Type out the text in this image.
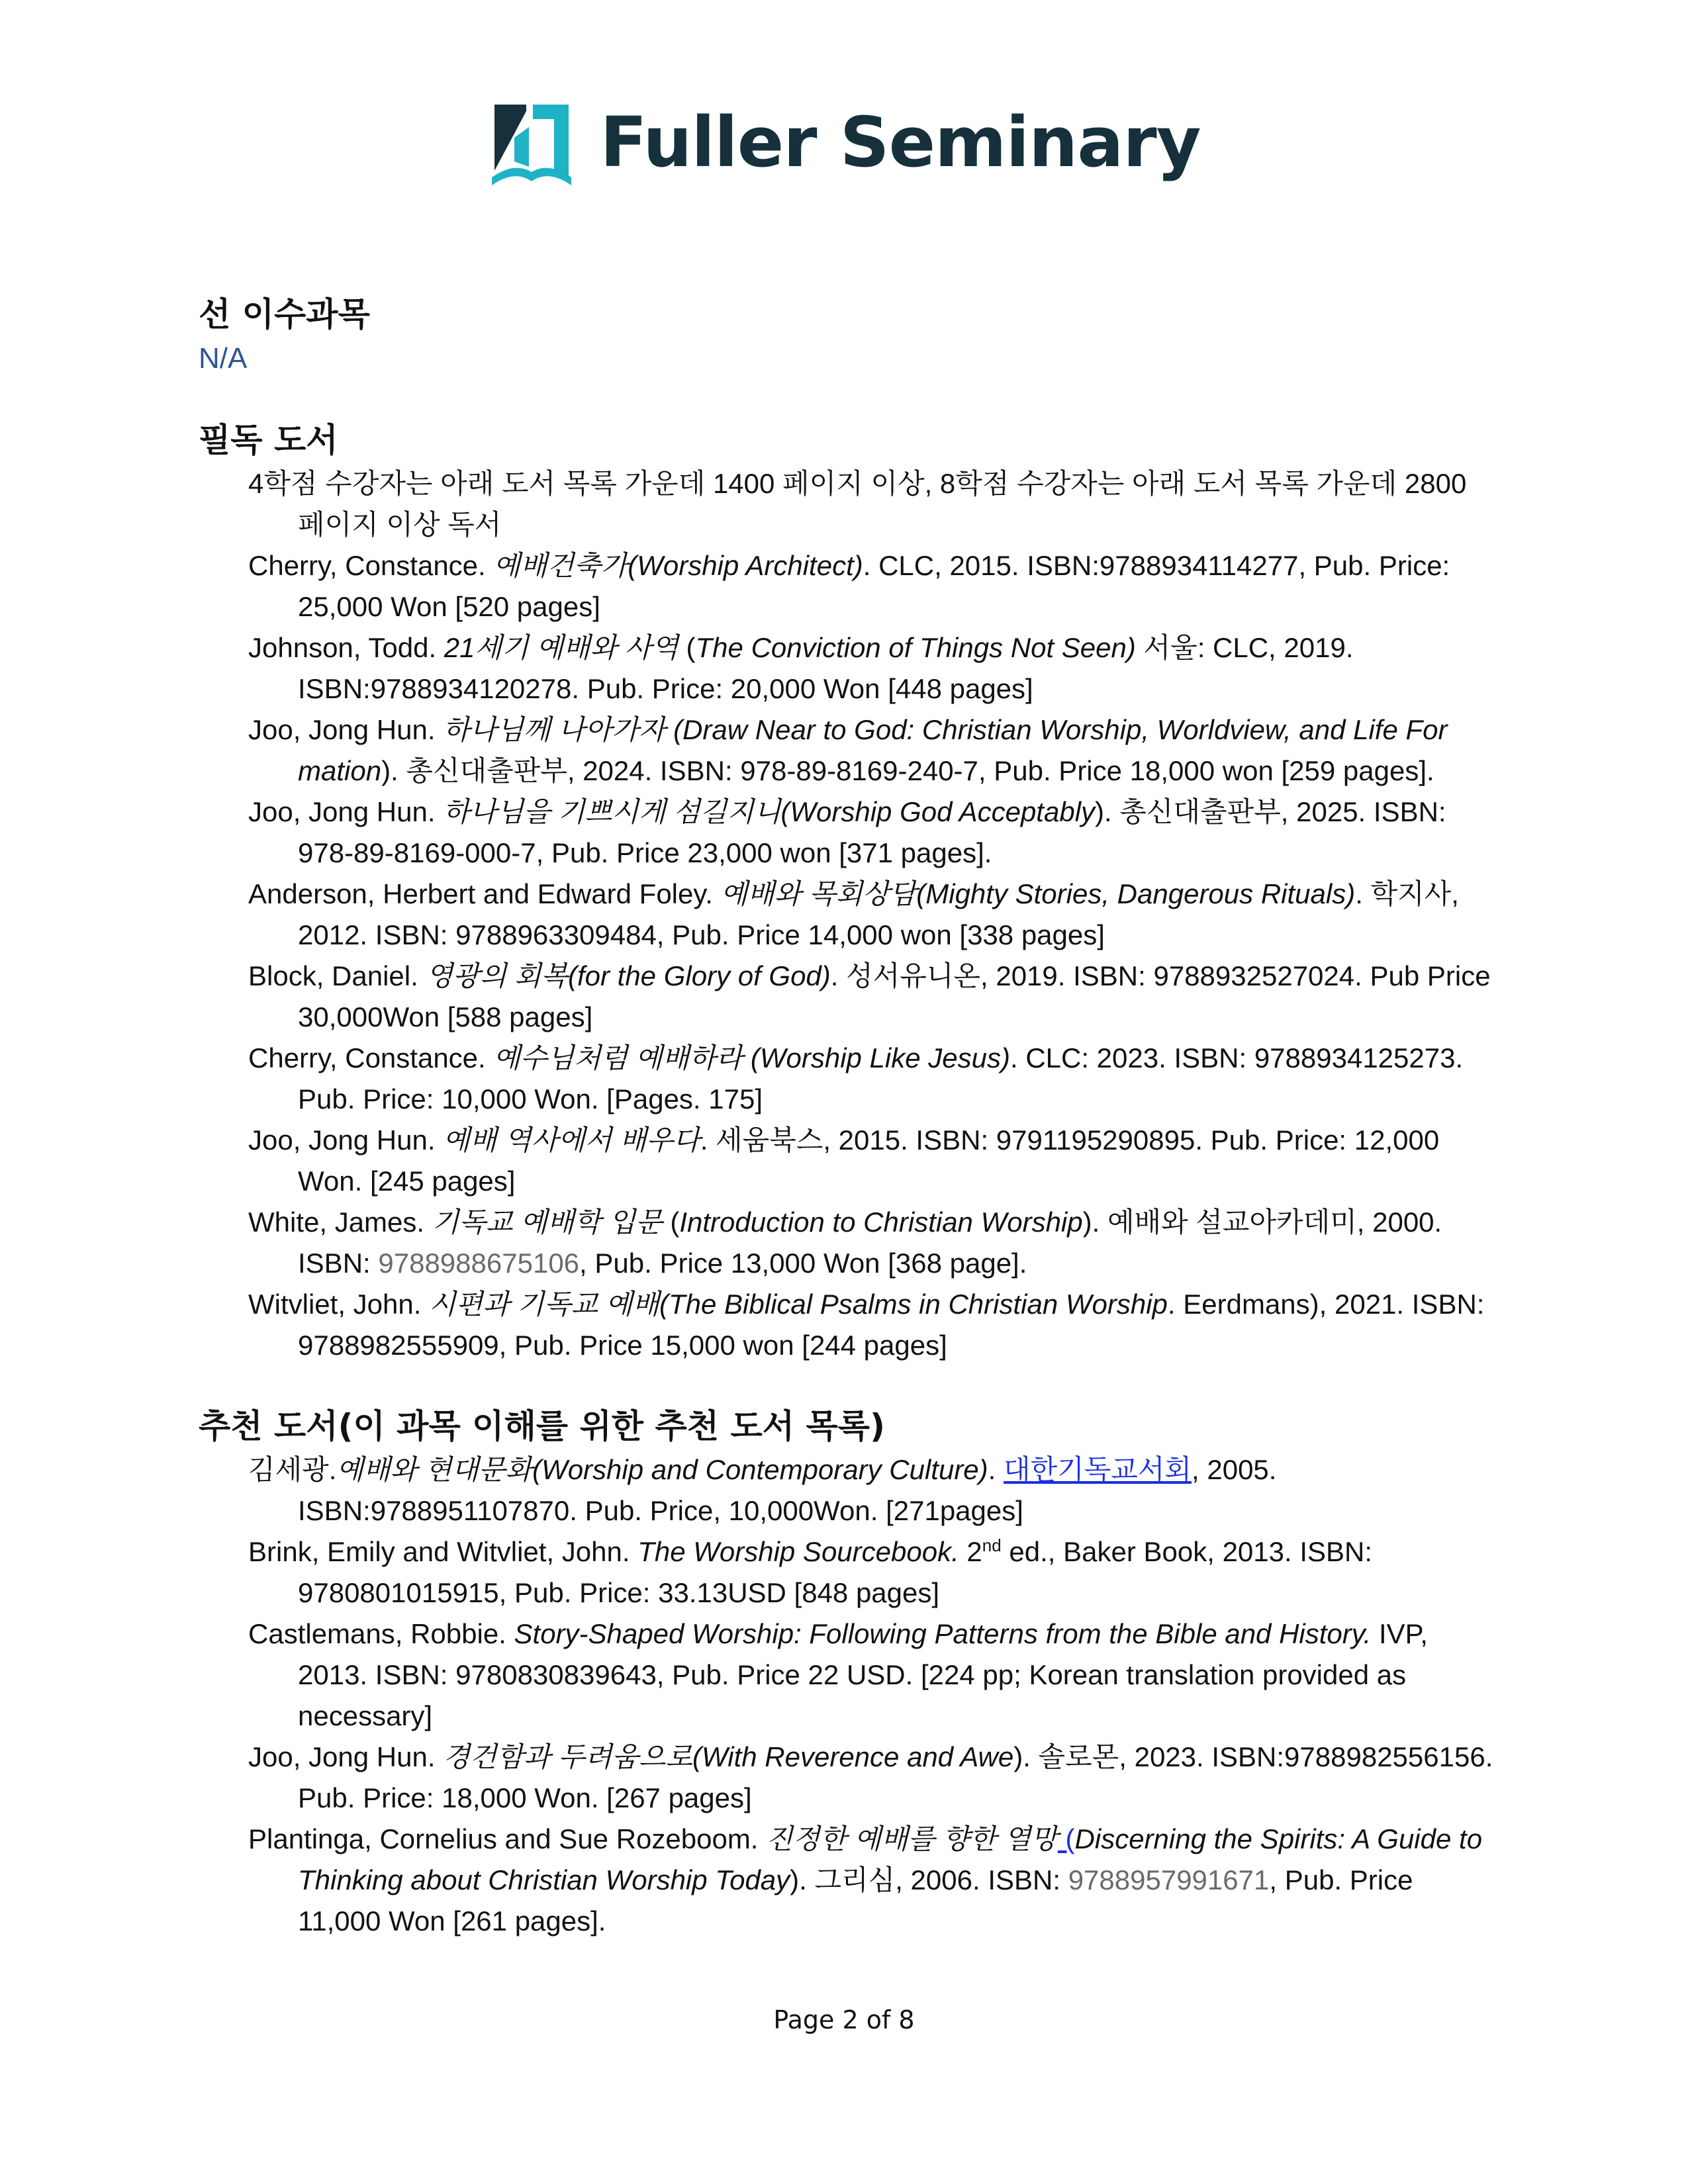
Fuller Seminary
선 이수과목

N/A

필독 도서

4학점 수강자는 아래 도서 목록 가운데 1400 페이지 이상, 8학점 수강자는 아래 도서 목록 가운데 2800 페이지 이상 독서

Cherry, Constance. 예배건축가(Worship Architect). CLC, 2015. ISBN:9788934114277, Pub. Price: 25,000 Won [520 pages]

Johnson, Todd. 21세기 예배와 사역 (The Conviction of Things Not Seen) 서울: CLC, 2019. ISBN:9788934120278. Pub. Price: 20,000 Won [448 pages]

Joo, Jong Hun. 하나님께 나아가자 (Draw Near to God: Christian Worship, Worldview, and Life For mation). 총신대출판부, 2024. ISBN: 978-89-8169-240-7, Pub. Price 18,000 won [259 pages].

Joo, Jong Hun. 하나님을 기쁘시게 섬길지니(Worship God Acceptably). 총신대출판부, 2025. ISBN: 978-89-8169-000-7, Pub. Price 23,000 won [371 pages].

Anderson, Herbert and Edward Foley. 예배와 목회상담(Mighty Stories, Dangerous Rituals). 학지사, 2012. ISBN: 9788963309484, Pub. Price 14,000 won [338 pages]

Block, Daniel. 영광의 회복(for the Glory of God). 성서유니온, 2019. ISBN: 9788932527024. Pub Price 30,000Won [588 pages]

Cherry, Constance. 예수님처럼 예배하라 (Worship Like Jesus). CLC: 2023. ISBN: 9788934125273. Pub. Price: 10,000 Won. [Pages. 175]

Joo, Jong Hun. 예배 역사에서 배우다. 세움북스, 2015. ISBN: 9791195290895. Pub. Price: 12,000 Won. [245 pages]

White, James. 기독교 예배학 입문 (Introduction to Christian Worship). 예배와 설교아카데미, 2000. ISBN: 9788988675106, Pub. Price 13,000 Won [368 page].

Witvliet, John. 시편과 기독교 예배(The Biblical Psalms in Christian Worship. Eerdmans), 2021. ISBN: 9788982555909, Pub. Price 15,000 won [244 pages]

추천 도서(이 과목 이해를 위한 추천 도서 목록)

김세광.예배와 현대문화(Worship and Contemporary Culture). 대한기독교서회, 2005. ISBN:9788951107870. Pub. Price, 10,000Won. [271pages]

Brink, Emily and Witvliet, John. The Worship Sourcebook. 2nd ed., Baker Book, 2013. ISBN: 9780801015915, Pub. Price: 33.13USD [848 pages]

Castlemans, Robbie. Story-Shaped Worship: Following Patterns from the Bible and History. IVP, 2013. ISBN: 9780830839643, Pub. Price 22 USD. [224 pp; Korean translation provided as necessary]

Joo, Jong Hun. 경건함과 두려움으로(With Reverence and Awe). 솔로몬, 2023. ISBN:9788982556156. Pub. Price: 18,000 Won. [267 pages]

Plantinga, Cornelius and Sue Rozeboom. 진정한 예배를 향한 열망 (Discerning the Spirits: A Guide to Thinking about Christian Worship Today). 그리심, 2006. ISBN: 9788957991671, Pub. Price 11,000 Won [261 pages].

Page 2 of 8
